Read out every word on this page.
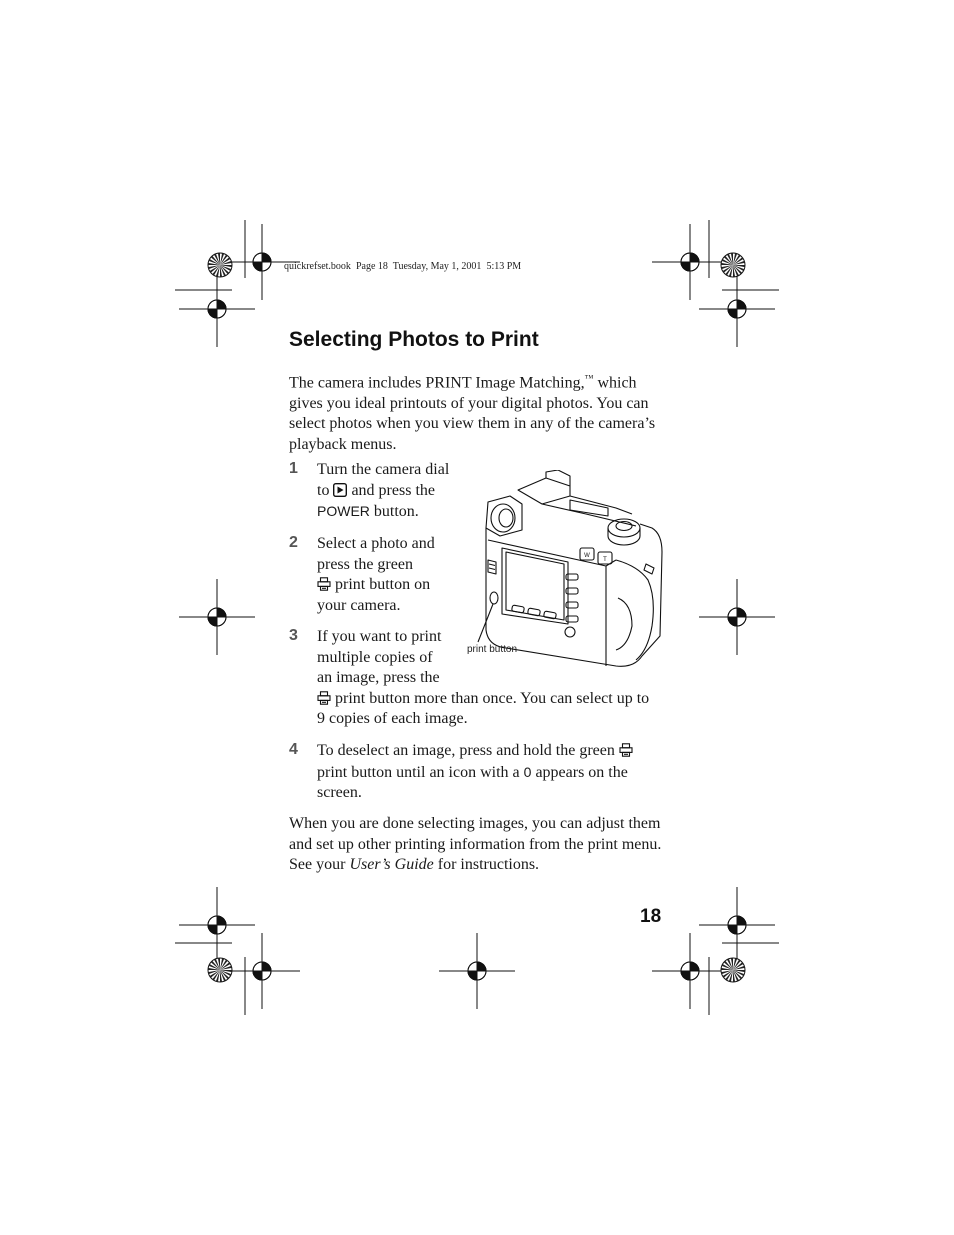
quickrefset.book Page 18 Tuesday, May 1, 2001 5:13 PM
Selecting Photos to Print

The camera includes PRINT Image Matching,™ which gives you ideal printouts of your digital photos. You can select photos when you view them in any of the camera’s playback menus.

1 Turn the camera dial
to and press the
POWER button.
2 Select a photo and
press the green
print button on
your camera.
3 If you want to print
multiple copies of
an image, press the
print button more than once. You can select up to
9 copies of each image.
4 To deselect an image, press and hold the green
print button until an icon with a 0 appears on the
screen.
W
T
print button

When you are done selecting images, you can adjust them and set up other printing information from the print menu. See your User’s Guide for instructions.

18
